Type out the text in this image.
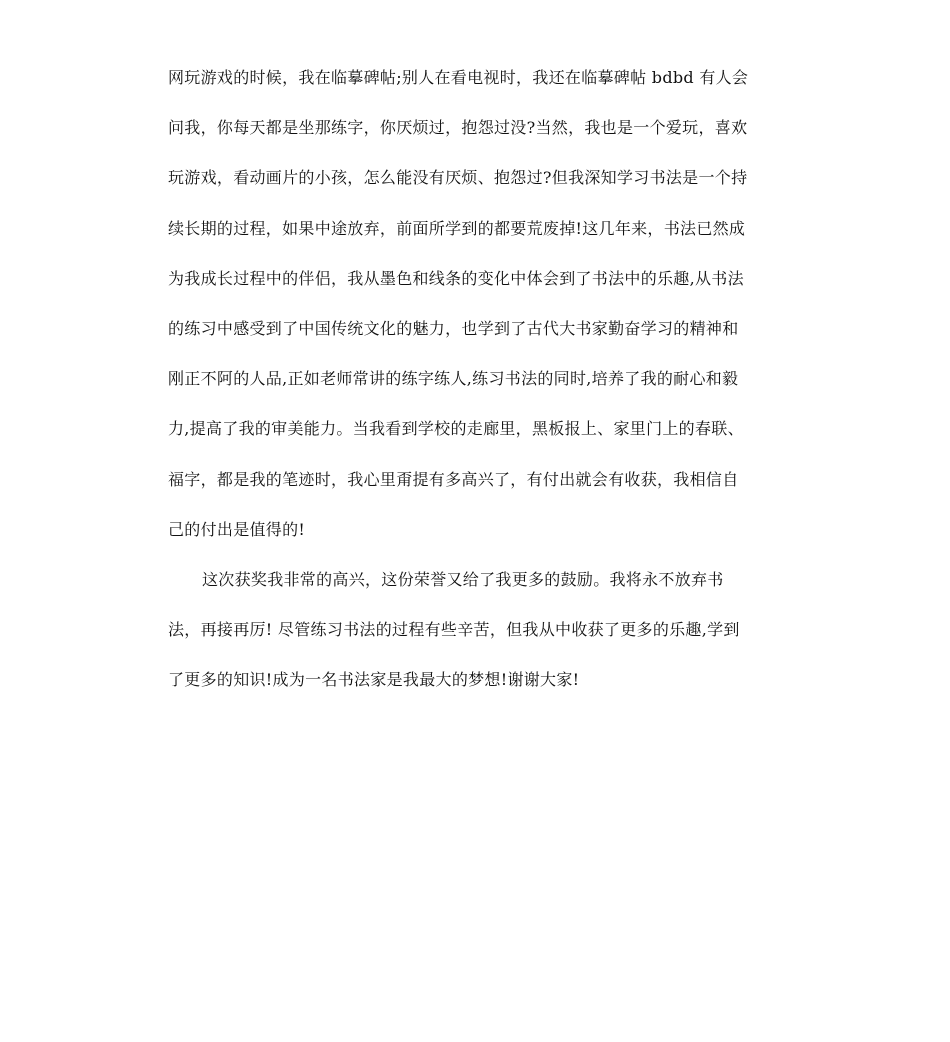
网玩游戏的时候，我在临摹碑帖;别人在看电视时，我还在临摹碑帖 bdbd 有人会
问我，你每天都是坐那练字，你厌烦过，抱怨过没?当然，我也是一个爱玩，喜欢
玩游戏，看动画片的小孩，怎么能没有厌烦、抱怨过?但我深知学习书法是一个持
续长期的过程，如果中途放弃，前面所学到的都要荒废掉!这几年来，书法已然成
为我成长过程中的伴侣，我从墨色和线条的变化中体会到了书法中的乐趣,从书法
的练习中感受到了中国传统文化的魅力，也学到了古代大书家勤奋学习的精神和
刚正不阿的人品,正如老师常讲的练字练人,练习书法的同时,培养了我的耐心和毅
力,提高了我的审美能力。当我看到学校的走廊里，黑板报上、家里门上的春联、
福字，都是我的笔迹时，我心里甭提有多高兴了，有付出就会有收获，我相信自
己的付出是值得的!
这次获奖我非常的高兴，这份荣誉又给了我更多的鼓励。我将永不放弃书
法，再接再厉! 尽管练习书法的过程有些辛苦，但我从中收获了更多的乐趣,学到
了更多的知识!成为一名书法家是我最大的梦想!谢谢大家!
